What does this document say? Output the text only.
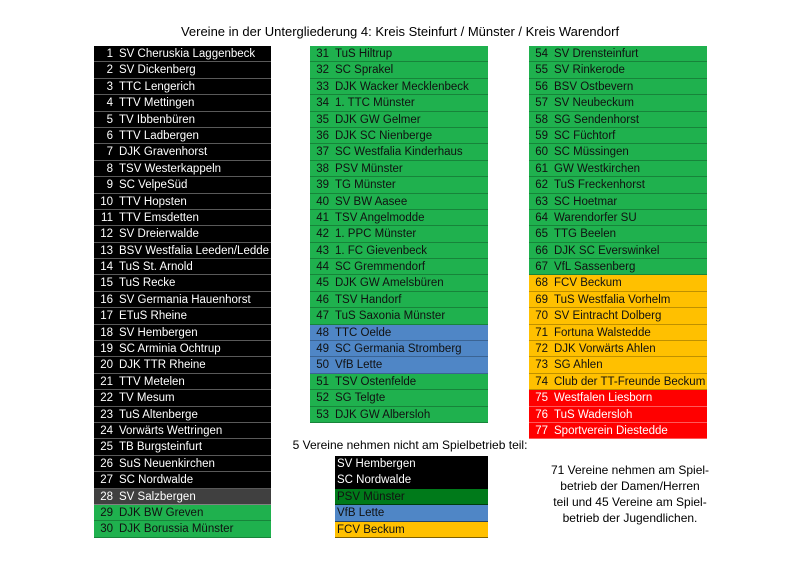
Vereine in der Untergliederung 4: Kreis Steinfurt / Münster / Kreis Warendorf
1 SV Cheruskia Laggenbeck
2 SV Dickenberg
3 TTC Lengerich
4 TTV Mettingen
5 TV Ibbenbüren
6 TTV Ladbergen
7 DJK Gravenhorst
8 TSV Westerkappeln
9 SC VelpeSüd
10 TTV Hopsten
11 TTV Emsdetten
12 SV Dreierwalde
13 BSV Westfalia Leeden/Ledde
14 TuS St. Arnold
15 TuS Recke
16 SV Germania Hauenhorst
17 ETuS Rheine
18 SV Hembergen
19 SC Arminia Ochtrup
20 DJK TTR Rheine
21 TTV Metelen
22 TV Mesum
23 TuS Altenberge
24 Vorwärts Wettringen
25 TB Burgsteinfurt
26 SuS Neuenkirchen
27 SC Nordwalde
28 SV Salzbergen
29 DJK BW Greven
30 DJK Borussia Münster
31 TuS Hiltrup
32 SC Sprakel
33 DJK Wacker Mecklenbeck
34 1. TTC Münster
35 DJK GW Gelmer
36 DJK SC Nienberge
37 SC Westfalia Kinderhaus
38 PSV Münster
39 TG Münster
40 SV BW Aasee
41 TSV Angelmodde
42 1. PPC Münster
43 1. FC Gievenbeck
44 SC Gremmendorf
45 DJK GW Amelsbüren
46 TSV Handorf
47 TuS Saxonia Münster
48 TTC Oelde
49 SC Germania Stromberg
50 VfB Lette
51 TSV Ostenfelde
52 SG Telgte
53 DJK GW Albersloh
54 SV Drensteinfurt
55 SV Rinkerode
56 BSV Ostbevern
57 SV Neubeckum
58 SG Sendenhorst
59 SC Füchtorf
60 SC Müssingen
61 GW Westkirchen
62 TuS Freckenhorst
63 SC Hoetmar
64 Warendorfer SU
65 TTG Beelen
66 DJK SC Everswinkel
67 VfL Sassenberg
68 FCV Beckum
69 TuS Westfalia Vorhelm
70 SV Eintracht Dolberg
71 Fortuna Walstedde
72 DJK Vorwärts Ahlen
73 SG Ahlen
74 Club der TT-Freunde Beckum
75 Westfalen Liesborn
76 TuS Wadersloh
77 Sportverein Diestedde
5 Vereine nehmen nicht am Spielbetrieb teil:
SV Hembergen
SC Nordwalde
PSV Münster
VfB Lette
FCV Beckum
71 Vereine nehmen am Spiel-
betrieb der Damen/Herren
teil und 45 Vereine am Spiel-
betrieb der Jugendlichen.
